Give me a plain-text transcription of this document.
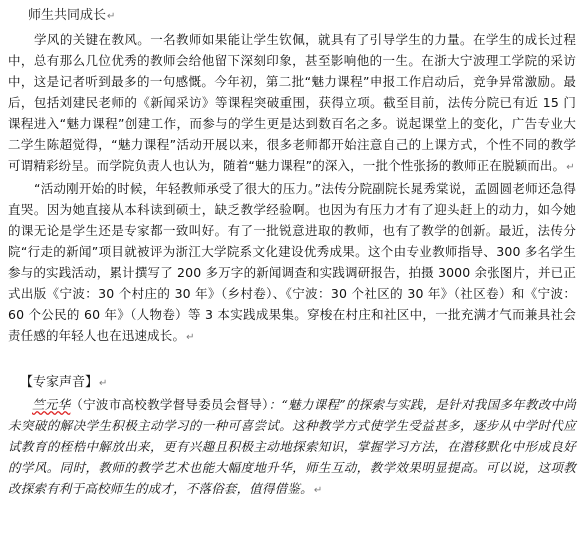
师生共同成长↵

学风的关键在教风。一名教师如果能让学生钦佩，就具有了引导学生的力量。在学生的成长过程中，总有那么几位优秀的教师会给他留下深刻印象，甚至影响他的一生。在浙大宁波理工学院的采访中，这是记者听到最多的一句感慨。今年初，第二批“魅力课程”申报工作启动后，竞争异常激励。最后，包括刘建民老师的《新闻采访》等课程突破重围，获得立项。截至目前，法传分院已有近 15 门课程进入“魅力课程”创建工作，而参与的学生更是达到数百名之多。说起课堂上的变化，广告专业大二学生陈超觉得，“魅力课程”活动开展以来，很多老师都开始注意自己的上课方式，个性不同的教学可谓精彩纷呈。而学院负责人也认为，随着“魅力课程”的深入，一批个性张扬的教师正在脱颖而出。↵

“活动刚开始的时候，年轻教师承受了很大的压力。”法传分院副院长晁秀棠说，孟圆圆老师还急得直哭。因为她直接从本科读到硕士，缺乏教学经验啊。也因为有压力才有了迎头赶上的动力，如今她的课无论是学生还是专家都一致叫好。有了一批锐意进取的教师，也有了教学的创新。最近，法传分院“行走的新闻”项目就被评为浙江大学院系文化建设优秀成果。这个由专业教师指导、300 多名学生参与的实践活动，累计撰写了 200 多万字的新闻调查和实践调研报告，拍摄 3000 余张图片，并已正式出版《宁波：30 个村庄的 30 年》（乡村卷）、《宁波：30 个社区的 30 年》（社区卷）和《宁波：60 个公民的 60 年》（人物卷）等 3 本实践成果集。穿梭在村庄和社区中，一批充满才气而兼具社会责任感的年轻人也在迅速成长。↵

【专家声音】↵

竺元华（宁波市高校教学督导委员会督导）：“魅力课程”的探索与实践，是针对我国多年教改中尚未突破的解决学生积极主动学习的一种可喜尝试。这种教学方式使学生受益甚多，逐步从中学时代应试教育的桎梏中解放出来，更有兴趣且积极主动地探索知识，掌握学习方法，在潜移默化中形成良好的学风。同时，教师的教学艺术也能大幅度地升华，师生互动，教学效果明显提高。可以说，这项教改探索有利于高校师生的成才，不落俗套，值得借鉴。↵
